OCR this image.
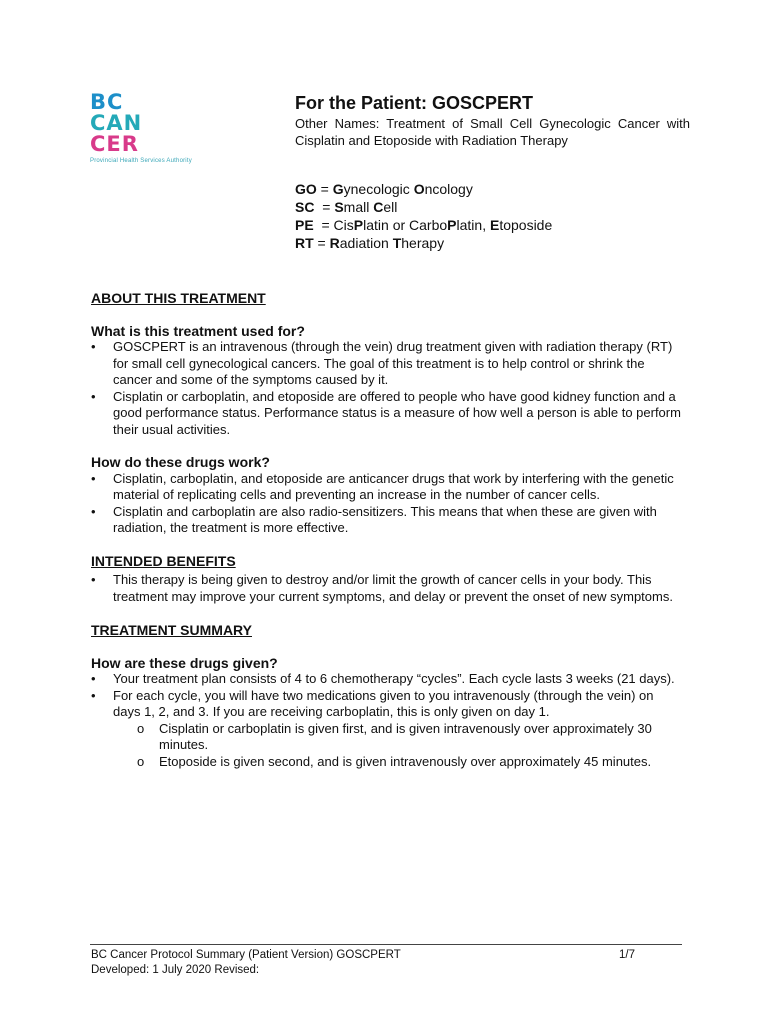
BC
CAN
CER
Provincial Health Services Authority
For the Patient: GOSCPERT
Other Names: Treatment of Small Cell Gynecologic Cancer with Cisplatin and Etoposide with Radiation Therapy
GO = Gynecologic Oncology
SC  = Small Cell
PE  = CisPlatin or CarboPlatin, Etoposide
RT = Radiation Therapy

ABOUT THIS TREATMENT

What is this treatment used for?

• GOSCPERT is an intravenous (through the vein) drug treatment given with radiation therapy (RT) for small cell gynecological cancers. The goal of this treatment is to help control or shrink the cancer and some of the symptoms caused by it.
• Cisplatin or carboplatin, and etoposide are offered to people who have good kidney function and a good performance status. Performance status is a measure of how well a person is able to perform their usual activities.

How do these drugs work?

• Cisplatin, carboplatin, and etoposide are anticancer drugs that work by interfering with the genetic material of replicating cells and preventing an increase in the number of cancer cells.
• Cisplatin and carboplatin are also radio-sensitizers. This means that when these are given with radiation, the treatment is more effective.

INTENDED BENEFITS

• This therapy is being given to destroy and/or limit the growth of cancer cells in your body. This treatment may improve your current symptoms, and delay or prevent the onset of new symptoms.

TREATMENT SUMMARY

How are these drugs given?

• Your treatment plan consists of 4 to 6 chemotherapy “cycles”. Each cycle lasts 3 weeks (21 days).
• For each cycle, you will have two medications given to you intravenously (through the vein) on days 1, 2, and 3. If you are receiving carboplatin, this is only given on day 1.
o Cisplatin or carboplatin is given first, and is given intravenously over approximately 30 minutes.
o Etoposide is given second, and is given intravenously over approximately 45 minutes.
BC Cancer Protocol Summary (Patient Version) GOSCPERT
Developed: 1 July 2020 Revised:
1/7
